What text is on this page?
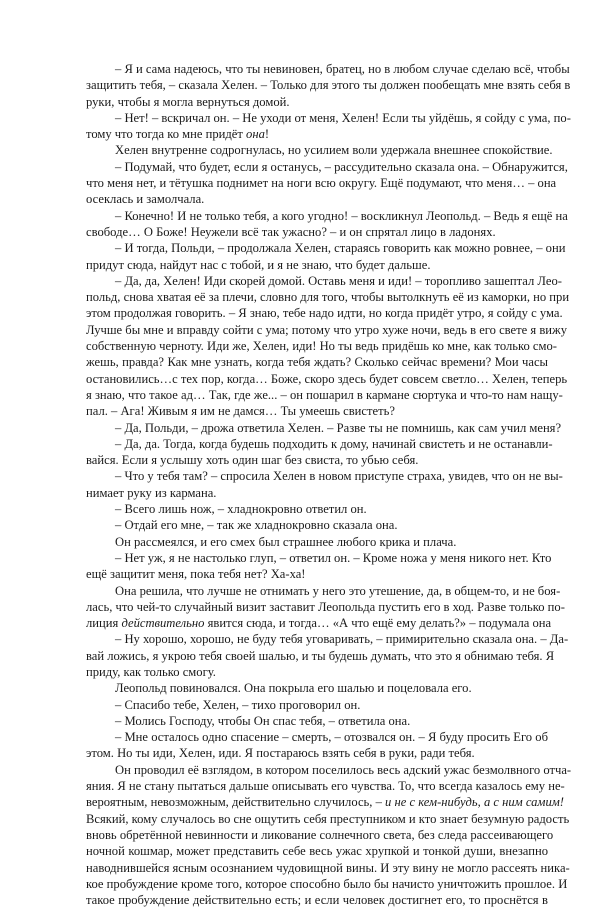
– Я и сама надеюсь, что ты невиновен, братец, но в любом случае сделаю всё, чтобы
защитить тебя, – сказала Хелен. – Только для этого ты должен пообещать мне взять себя в
руки, чтобы я могла вернуться домой.
– Нет! – вскричал он. – Не уходи от меня, Хелен! Если ты уйдёшь, я сойду с ума, по-
тому что тогда ко мне придёт она!
Хелен внутренне содрогнулась, но усилием воли удержала внешнее спокойствие.
– Подумай, что будет, если я останусь, – рассудительно сказала она. – Обнаружится,
что меня нет, и тётушка поднимет на ноги всю округу. Ещё подумают, что меня… – она
осеклась и замолчала.
– Конечно! И не только тебя, а кого угодно! – воскликнул Леопольд. – Ведь я ещё на
свободе… О Боже! Неужели всё так ужасно? – и он спрятал лицо в ладонях.
– И тогда, Польди, – продолжала Хелен, стараясь говорить как можно ровнее, – они
придут сюда, найдут нас с тобой, и я не знаю, что будет дальше.
– Да, да, Хелен! Иди скорей домой. Оставь меня и иди! – торопливо зашептал Лео-
польд, снова хватая её за плечи, словно для того, чтобы вытолкнуть её из каморки, но при
этом продолжая говорить. – Я знаю, тебе надо идти, но когда придёт утро, я сойду с ума.
Лучше бы мне и вправду сойти с ума; потому что утро хуже ночи, ведь в его свете я вижу
собственную черноту. Иди же, Хелен, иди! Но ты ведь придёшь ко мне, как только смо-
жешь, правда? Как мне узнать, когда тебя ждать? Сколько сейчас времени? Мои часы
остановились…с тех пор, когда… Боже, скоро здесь будет совсем светло… Хелен, теперь
я знаю, что такое ад… Так, где же... – он пошарил в кармане сюртука и что-то нам нащу-
пал. – Ага! Живым я им не дамся… Ты умеешь свистеть?
– Да, Польди, – дрожа ответила Хелен. – Разве ты не помнишь, как сам учил меня?
– Да, да. Тогда, когда будешь подходить к дому, начинай свистеть и не останавли-
вайся. Если я услышу хоть один шаг без свиста, то убью себя.
– Что у тебя там? – спросила Хелен в новом приступе страха, увидев, что он не вы-
нимает руку из кармана.
– Всего лишь нож, – хладнокровно ответил он.
– Отдай его мне, – так же хладнокровно сказала она.
Он рассмеялся, и его смех был страшнее любого крика и плача.
– Нет уж, я не настолько глуп, – ответил он. – Кроме ножа у меня никого нет. Кто
ещё защитит меня, пока тебя нет? Ха-ха!
Она решила, что лучше не отнимать у него это утешение, да, в общем-то, и не боя-
лась, что чей-то случайный визит заставит Леопольда пустить его в ход. Разве только по-
лиция действительно явится сюда, и тогда… «А что ещё ему делать?» – подумала она
– Ну хорошо, хорошо, не буду тебя уговаривать, – примирительно сказала она. – Да-
вай ложись, я укрою тебя своей шалью, и ты будешь думать, что это я обнимаю тебя. Я
приду, как только смогу.
Леопольд повиновался. Она покрыла его шалью и поцеловала его.
– Спасибо тебе, Хелен, – тихо проговорил он.
– Молись Господу, чтобы Он спас тебя, – ответила она.
– Мне осталось одно спасение – смерть, – отозвался он. – Я буду просить Его об
этом. Но ты иди, Хелен, иди. Я постараюсь взять себя в руки, ради тебя.
Он проводил её взглядом, в котором поселилось весь адский ужас безмолвного отча-
яния. Я не стану пытаться дальше описывать его чувства. То, что всегда казалось ему не-
вероятным, невозможным, действительно случилось, – и не с кем-нибудь, а с ним самим!
Всякий, кому случалось во сне ощутить себя преступником и кто знает безумную радость
вновь обретённой невинности и ликование солнечного света, без следа рассеивающего
ночной кошмар, может представить себе весь ужас хрупкой и тонкой души, внезапно
наводнившейся ясным осознанием чудовищной вины. И эту вину не могло рассеять ника-
кое пробуждение кроме того, которое способно было бы начисто уничтожить прошлое. И
такое пробуждение действительно есть; и если человек достигнет его, то проснётся в
